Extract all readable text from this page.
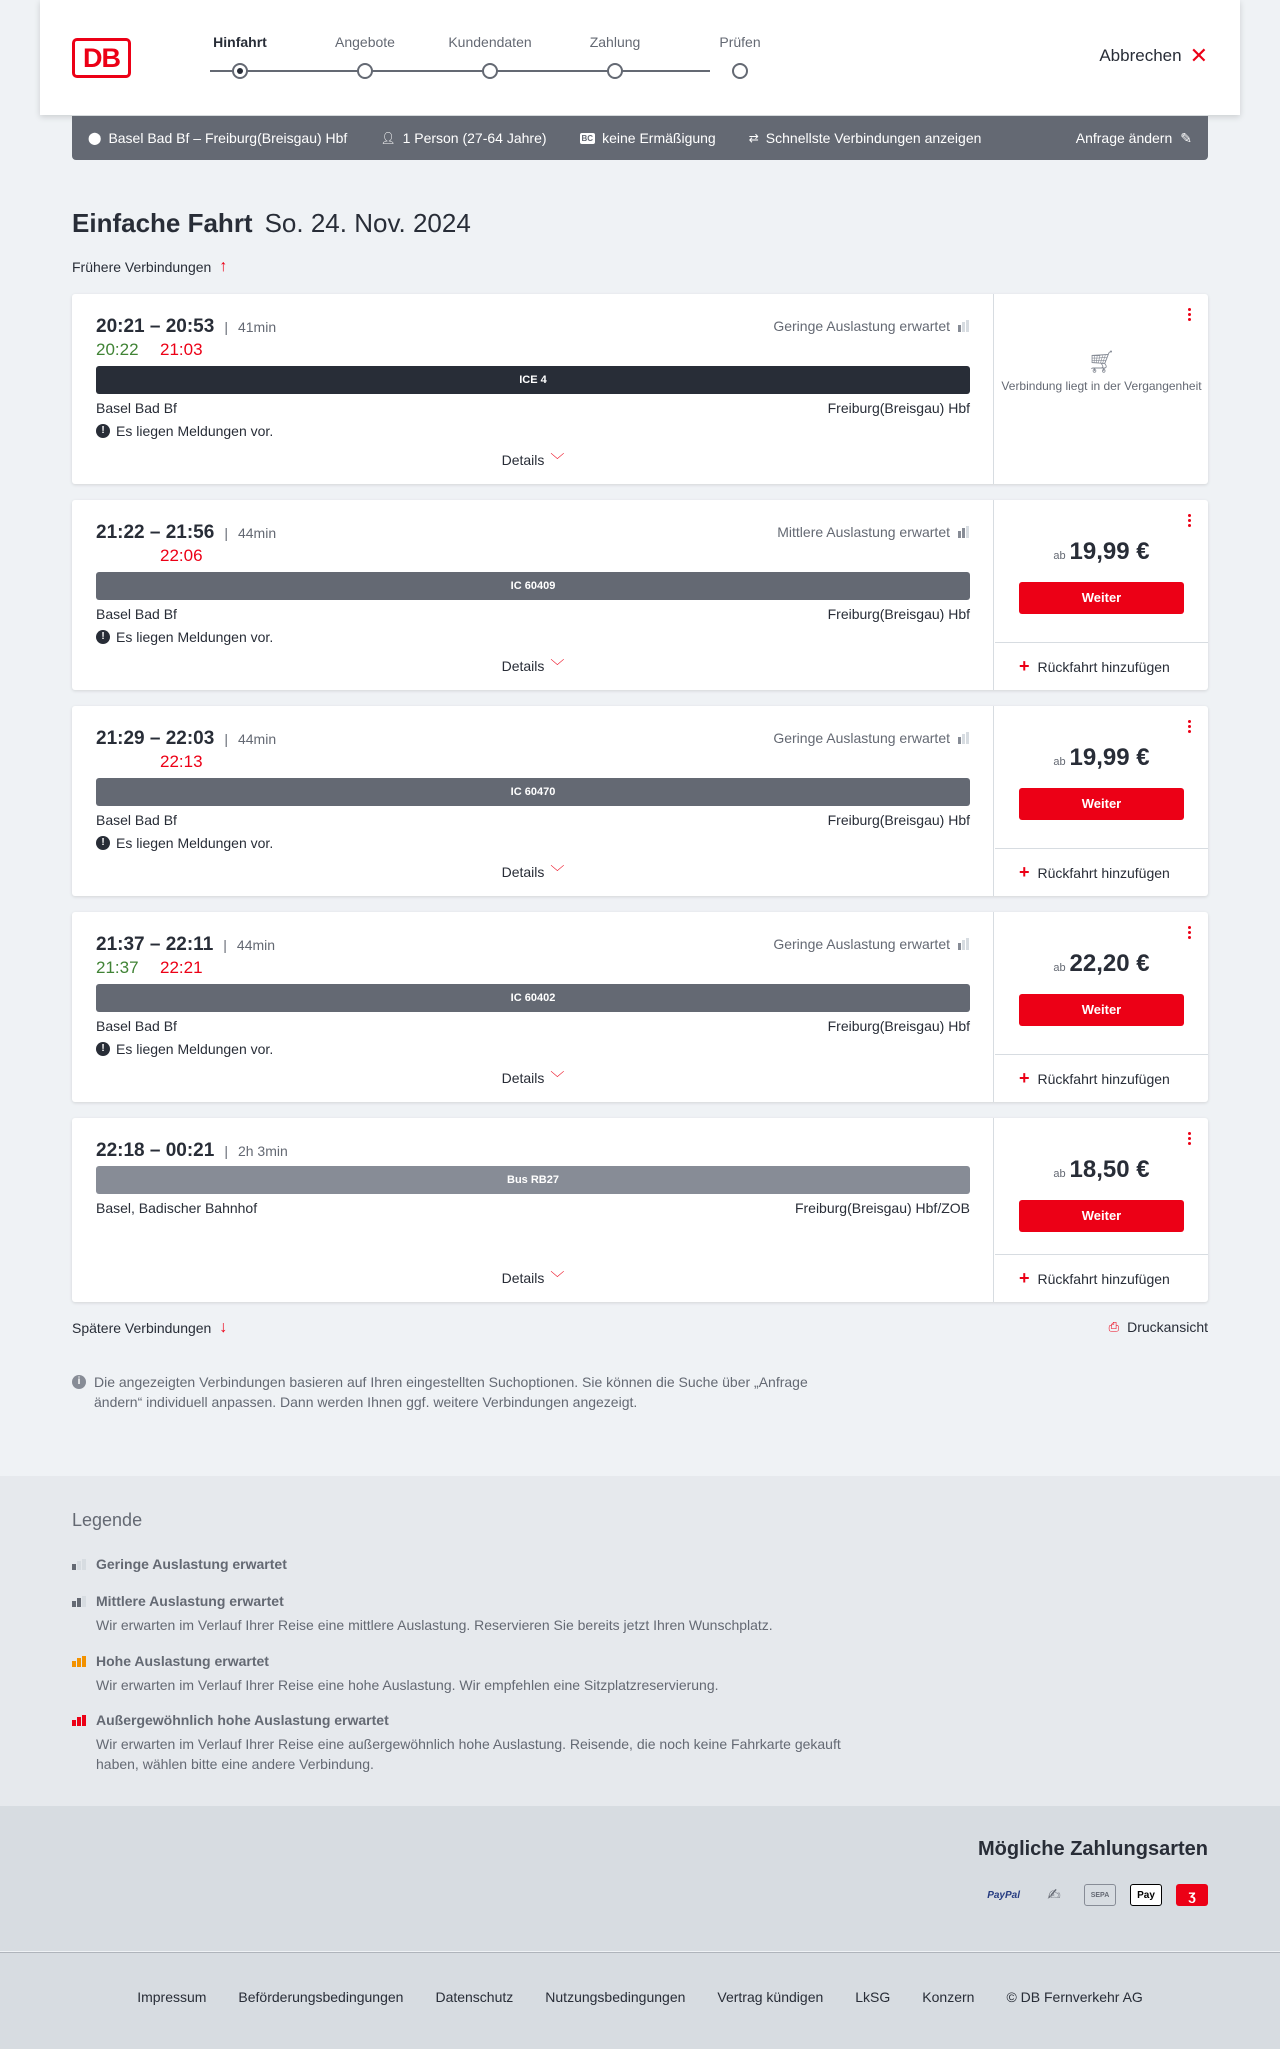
DB
Hinfahrt	Angebote	Kundendaten	Zahlung	Prüfen
Abbrechen ✕
⬤ Basel Bad Bf – Freiburg(Breisgau) Hbf	👤︎ 1 Person (27-64 Jahre)	BC keine Ermäßigung	⇄ Schnellste Verbindungen anzeigen	Anfrage ändern ✎
Einfache Fahrt So. 24. Nov. 2024
Frühere Verbindungen ↑
20:21 – 20:53 | 41min
20:22 21:03
Geringe Auslastung erwartet
ICE 4
Basel Bad Bf	Freiburg(Breisgau) Hbf
! Es liegen Meldungen vor.
Details ﹀
🛒︎
Verbindung liegt in der Vergangenheit
21:22 – 21:56 | 44min
22:06
Mittlere Auslastung erwartet
IC 60409
Basel Bad Bf	Freiburg(Breisgau) Hbf
! Es liegen Meldungen vor.
Details ﹀
ab 19,99 €
Weiter
+ Rückfahrt hinzufügen
21:29 – 22:03 | 44min
22:13
Geringe Auslastung erwartet
IC 60470
Basel Bad Bf	Freiburg(Breisgau) Hbf
! Es liegen Meldungen vor.
Details ﹀
ab 19,99 €
Weiter
+ Rückfahrt hinzufügen
21:37 – 22:11 | 44min
21:37 22:21
Geringe Auslastung erwartet
IC 60402
Basel Bad Bf	Freiburg(Breisgau) Hbf
! Es liegen Meldungen vor.
Details ﹀
ab 22,20 €
Weiter
+ Rückfahrt hinzufügen
22:18 – 00:21 | 2h 3min
Bus RB27
Basel, Badischer Bahnhof	Freiburg(Breisgau) Hbf/ZOB
Details ﹀
ab 18,50 €
Weiter
+ Rückfahrt hinzufügen
Spätere Verbindungen ↓	⎙ Druckansicht
i Die angezeigten Verbindungen basieren auf Ihren eingestellten Suchoptionen. Sie können die Suche über „Anfrage ändern“ individuell anpassen. Dann werden Ihnen ggf. weitere Verbindungen angezeigt.
Legende
Geringe Auslastung erwartet
Mittlere Auslastung erwartet
Wir erwarten im Verlauf Ihrer Reise eine mittlere Auslastung. Reservieren Sie bereits jetzt Ihren Wunschplatz.
Hohe Auslastung erwartet
Wir erwarten im Verlauf Ihrer Reise eine hohe Auslastung. Wir empfehlen eine Sitzplatzreservierung.
Außergewöhnlich hohe Auslastung erwartet
Wir erwarten im Verlauf Ihrer Reise eine außergewöhnlich hohe Auslastung. Reisende, die noch keine Fahrkarte gekauft haben, wählen bitte eine andere Verbindung.
Mögliche Zahlungsarten
PayPal	✍	SEPA	Pay	ʒ
Impressum Beförderungsbedingungen Datenschutz Nutzungsbedingungen Vertrag kündigen LkSG Konzern © DB Fernverkehr AG
